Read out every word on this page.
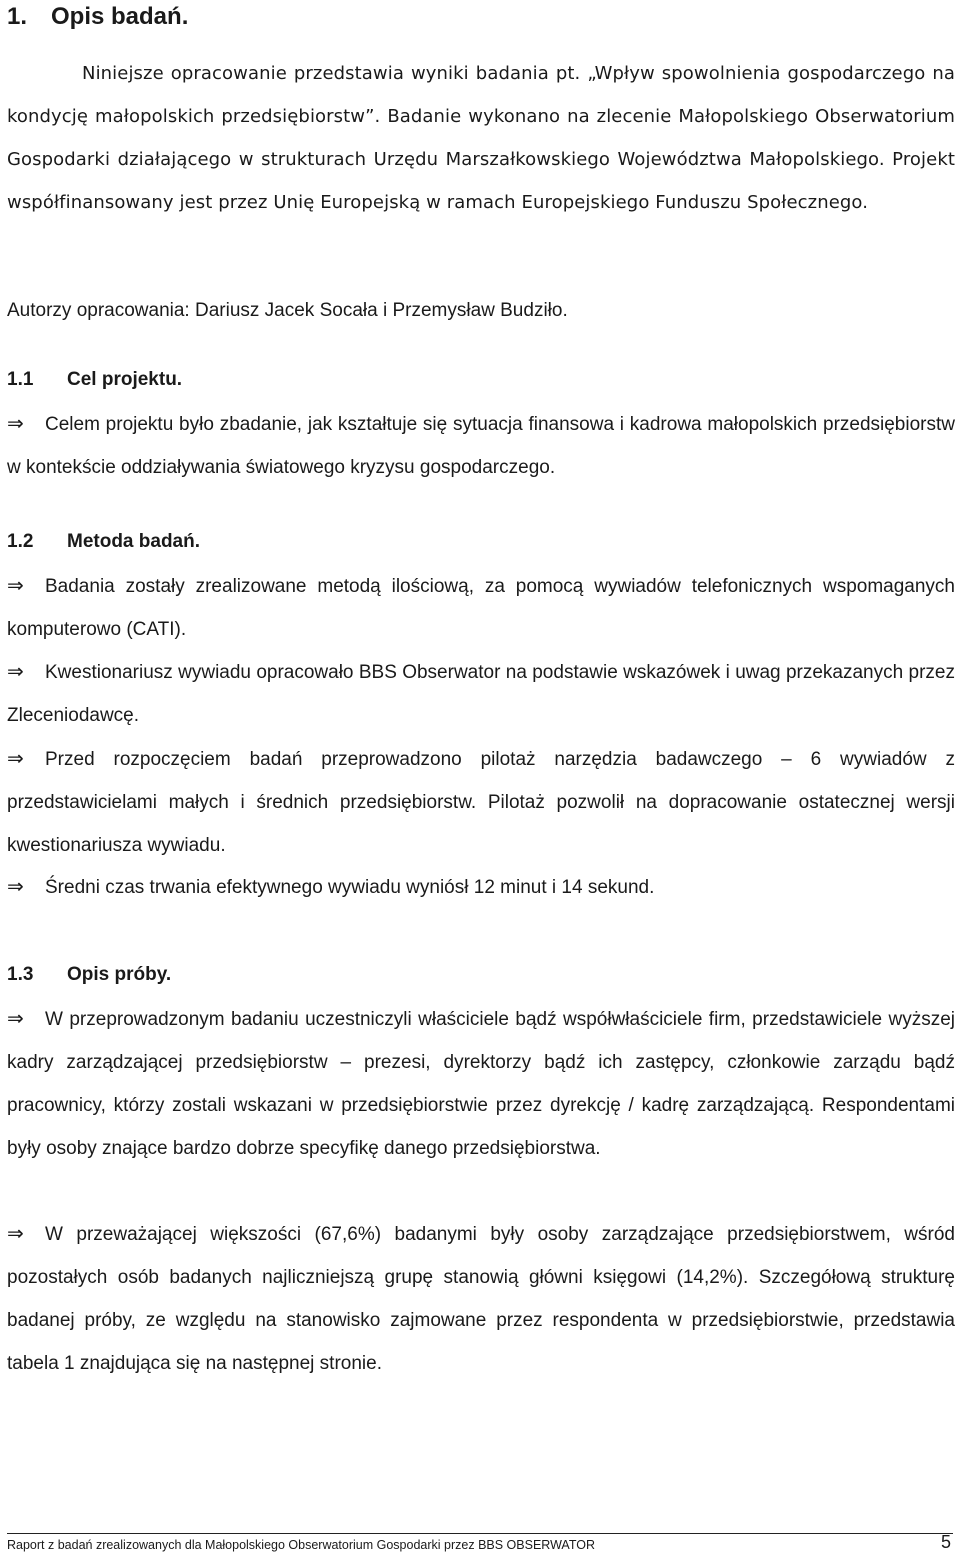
1. Opis badań.

Niniejsze opracowanie przedstawia wyniki badania pt. „Wpływ spowolnienia gospodarczego na kondycję małopolskich przedsiębiorstw”. Badanie wykonano na zlecenie Małopolskiego Obserwatorium Gospodarki działającego w strukturach Urzędu Marszałkowskiego Województwa Małopolskiego. Projekt współfinansowany jest przez Unię Europejską w ramach Europejskiego Funduszu Społecznego.

Autorzy opracowania: Dariusz Jacek Socała i Przemysław Budziło.

1.1 Cel projektu.

⇒ Celem projektu było zbadanie, jak kształtuje się sytuacja finansowa i kadrowa małopolskich przedsiębiorstw w kontekście oddziaływania światowego kryzysu gospodarczego.

1.2 Metoda badań.

⇒ Badania zostały zrealizowane metodą ilościową, za pomocą wywiadów telefonicznych wspomaganych komputerowo (CATI).

⇒ Kwestionariusz wywiadu opracowało BBS Obserwator na podstawie wskazówek i uwag przekazanych przez Zleceniodawcę.

⇒ Przed rozpoczęciem badań przeprowadzono pilotaż narzędzia badawczego – 6 wywiadów z przedstawicielami małych i średnich przedsiębiorstw. Pilotaż pozwolił na dopracowanie ostatecznej wersji kwestionariusza wywiadu.

⇒ Średni czas trwania efektywnego wywiadu wyniósł 12 minut i 14 sekund.

1.3 Opis próby.

⇒ W przeprowadzonym badaniu uczestniczyli właściciele bądź współwłaściciele firm, przedstawiciele wyższej kadry zarządzającej przedsiębiorstw – prezesi, dyrektorzy bądź ich zastępcy, członkowie zarządu bądź pracownicy, którzy zostali wskazani w przedsiębiorstwie przez dyrekcję / kadrę zarządzającą. Respondentami były osoby znające bardzo dobrze specyfikę danego przedsiębiorstwa.

⇒ W przeważającej większości (67,6%) badanymi były osoby zarządzające przedsiębiorstwem, wśród pozostałych osób badanych najliczniejszą grupę stanowią główni księgowi (14,2%). Szczegółową strukturę badanej próby, ze względu na stanowisko zajmowane przez respondenta w przedsiębiorstwie, przedstawia tabela 1 znajdująca się na następnej stronie.

Raport z badań zrealizowanych dla Małopolskiego Obserwatorium Gospodarki przez BBS OBSERWATOR	5
